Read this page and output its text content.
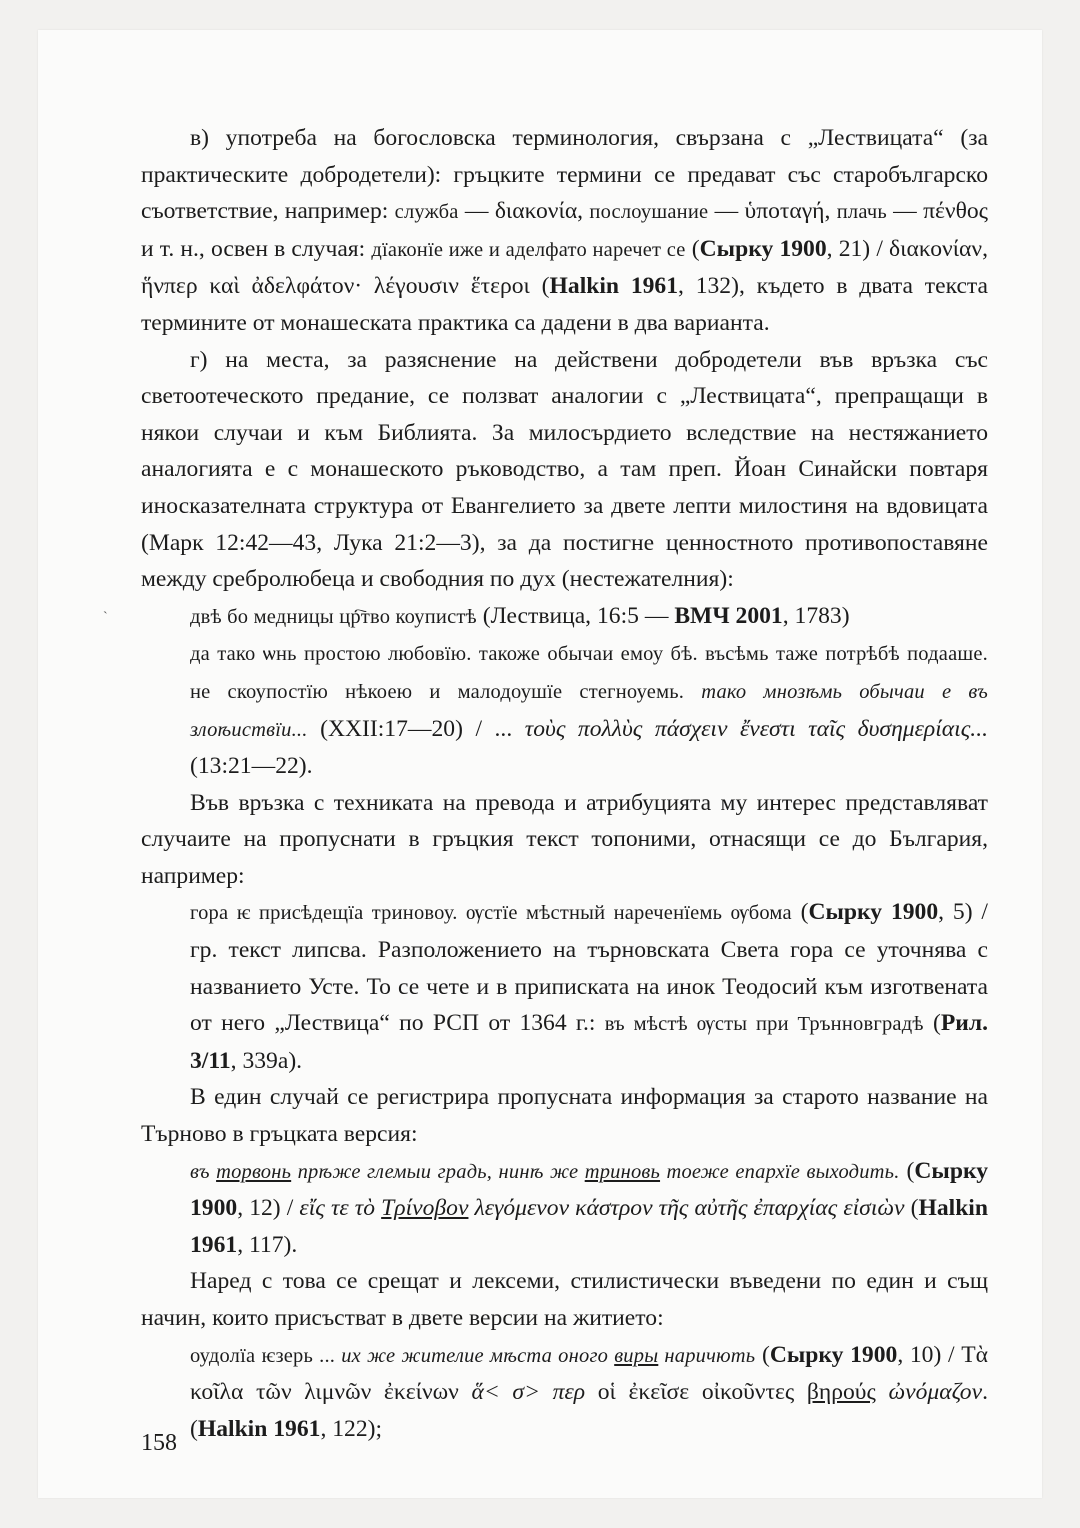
в) употреба на богословска терминология, свързана с „Лествицата“ (за практическите добродетели): гръцките термини се предават със старобългарско съответствие, например: служба — διακονία, послоушание — ὑποταγή, плачь — πένθος и т. н., освен в случая: дїаконїе иже и аделфато наречет се (Сырку 1900, 21) / διακονίαν, ἥνπερ καὶ ἀδελφάτον· λέγουσιν ἕτεροι (Halkin 1961, 132), където в двата текста термините от монашеската практика са дадени в два варианта.

г) на места, за разяснение на действени добродетели във връзка със светоотеческото предание, се ползват аналогии с „Лествицата“, препращащи в някои случаи и към Библията. За милосърдието вследствие на нестяжанието аналогията е с монашеското ръководство, а там преп. Йоан Синайски повтаря иносказателната структура от Евангелието за двете лепти милостиня на вдовицата (Марк 12:42—43, Лука 21:2—3), за да постигне ценностното противопоставяне между сребролюбеца и свободния по дух (нестежателния):

двѣ бо медницы цр҇тво коупистѣ (Лествица, 16:5 — ВМЧ 2001, 1783)

да тако ѡнь простою любовїю. такоже обычаи емоу бѣ. въсѣмь таже потрѣбѣ подааше. не скоупостїю нѣкоею и малодоушїе стегноуемь. тако мнозѣмь обычаи е въ злоѣиствїи... (XXII:17—20) / ... τοὺς πολλὺς πάσχειν ἔνεστι ταῖς δυσημερίαις... (13:21—22).

Във връзка с техниката на превода и атрибуцията му интерес представляват случаите на пропуснати в гръцкия текст топоними, отнасящи се до България, например:

гора ѥ присѣдещїа триновоу. ѹстїе мѣстный нареченїемь ѹбома (Сырку 1900, 5) / гр. текст липсва. Разположението на търновската Света гора се уточнява с названието Усте. То се чете и в приписката на инок Теодосий към изготвената от него „Лествица“ по РСП от 1364 г.: въ мѣстѣ ѹсты при Трънновградѣ (Рил. 3/11, 339а).

В един случай се регистрира пропусната информация за старото название на Търново в гръцката версия:

въ торвонь прѣже глемыи градь, нинѣ же триновь тоеже епархїе выходить. (Сырку 1900, 12) / εἴς τε τὸ Τρίνοβον λεγόμενον κάστρον τῆς αὐτῆς ἐπαρχίας εἰσιὼν (Halkin 1961, 117).

Наред с това се срещат и лексеми, стилистически въведени по един и същ начин, които присъстват в двете версии на житието:

оудолїа ѥзерь ... их же жителие мѣста оного виры наричють (Сырку 1900, 10) / Τὰ κοῖλα τῶν λιμνῶν ἐκείνων ἅ< σ> περ οἱ ἐκεῖσε οἰκοῦντες βηρούς ὠνόμαζον. (Halkin 1961, 122);

`
158
